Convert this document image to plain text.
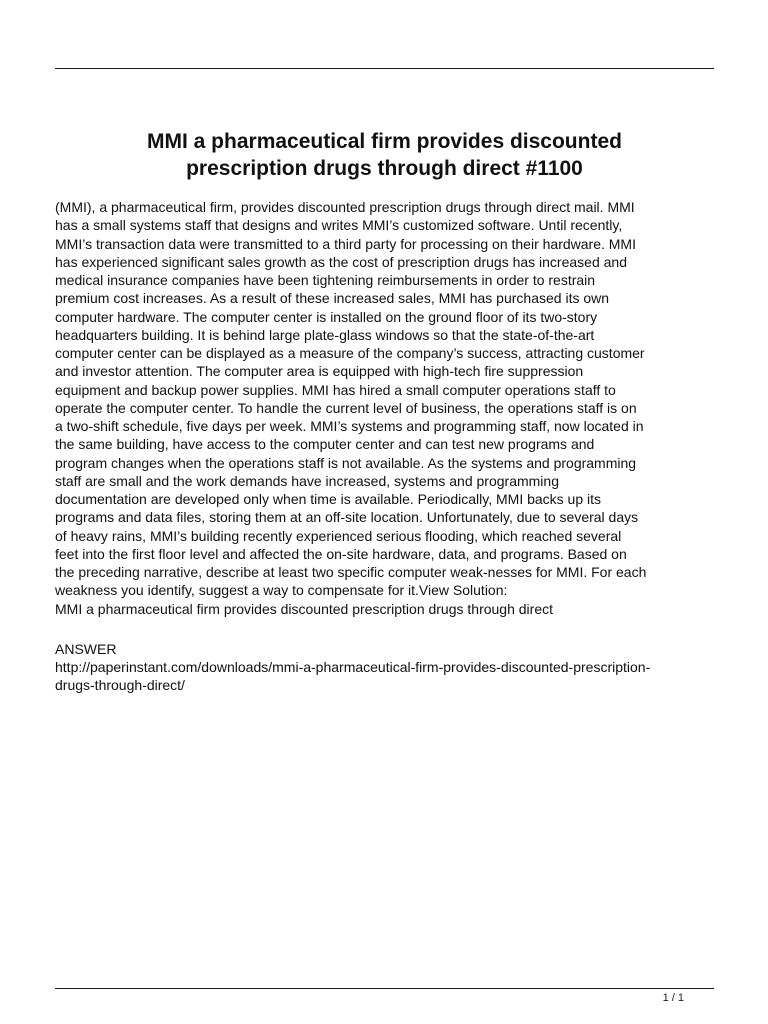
MMI a pharmaceutical firm provides discounted
prescription drugs through direct #1100

(MMI), a pharmaceutical firm, provides discounted prescription drugs through direct mail. MMI
has a small systems staff that designs and writes MMI’s customized software. Until recently,
MMI’s transaction data were transmitted to a third party for processing on their hardware. MMI
has experienced significant sales growth as the cost of prescription drugs has increased and
medical insurance companies have been tightening reimbursements in order to restrain
premium cost increases. As a result of these increased sales, MMI has purchased its own
computer hardware. The computer center is installed on the ground floor of its two-story
headquarters building. It is behind large plate-glass windows so that the state-of-the-art
computer center can be displayed as a measure of the company’s success, attracting customer
and investor attention. The computer area is equipped with high-tech fire suppression
equipment and backup power supplies. MMI has hired a small computer operations staff to
operate the computer center. To handle the current level of business, the operations staff is on
a two-shift schedule, five days per week. MMI’s systems and programming staff, now located in
the same building, have access to the computer center and can test new programs and
program changes when the operations staff is not available. As the systems and programming
staff are small and the work demands have increased, systems and programming
documentation are developed only when time is available. Periodically, MMI backs up its
programs and data files, storing them at an off-site location. Unfortunately, due to several days
of heavy rains, MMI’s building recently experienced serious flooding, which reached several
feet into the first floor level and affected the on-site hardware, data, and programs. Based on
the preceding narrative, describe at least two specific computer weak-nesses for MMI. For each
weakness you identify, suggest a way to compensate for it.View Solution:
MMI a pharmaceutical firm provides discounted prescription drugs through direct

ANSWER
http://paperinstant.com/downloads/mmi-a-pharmaceutical-firm-provides-discounted-prescription-
drugs-through-direct/
1 / 1
